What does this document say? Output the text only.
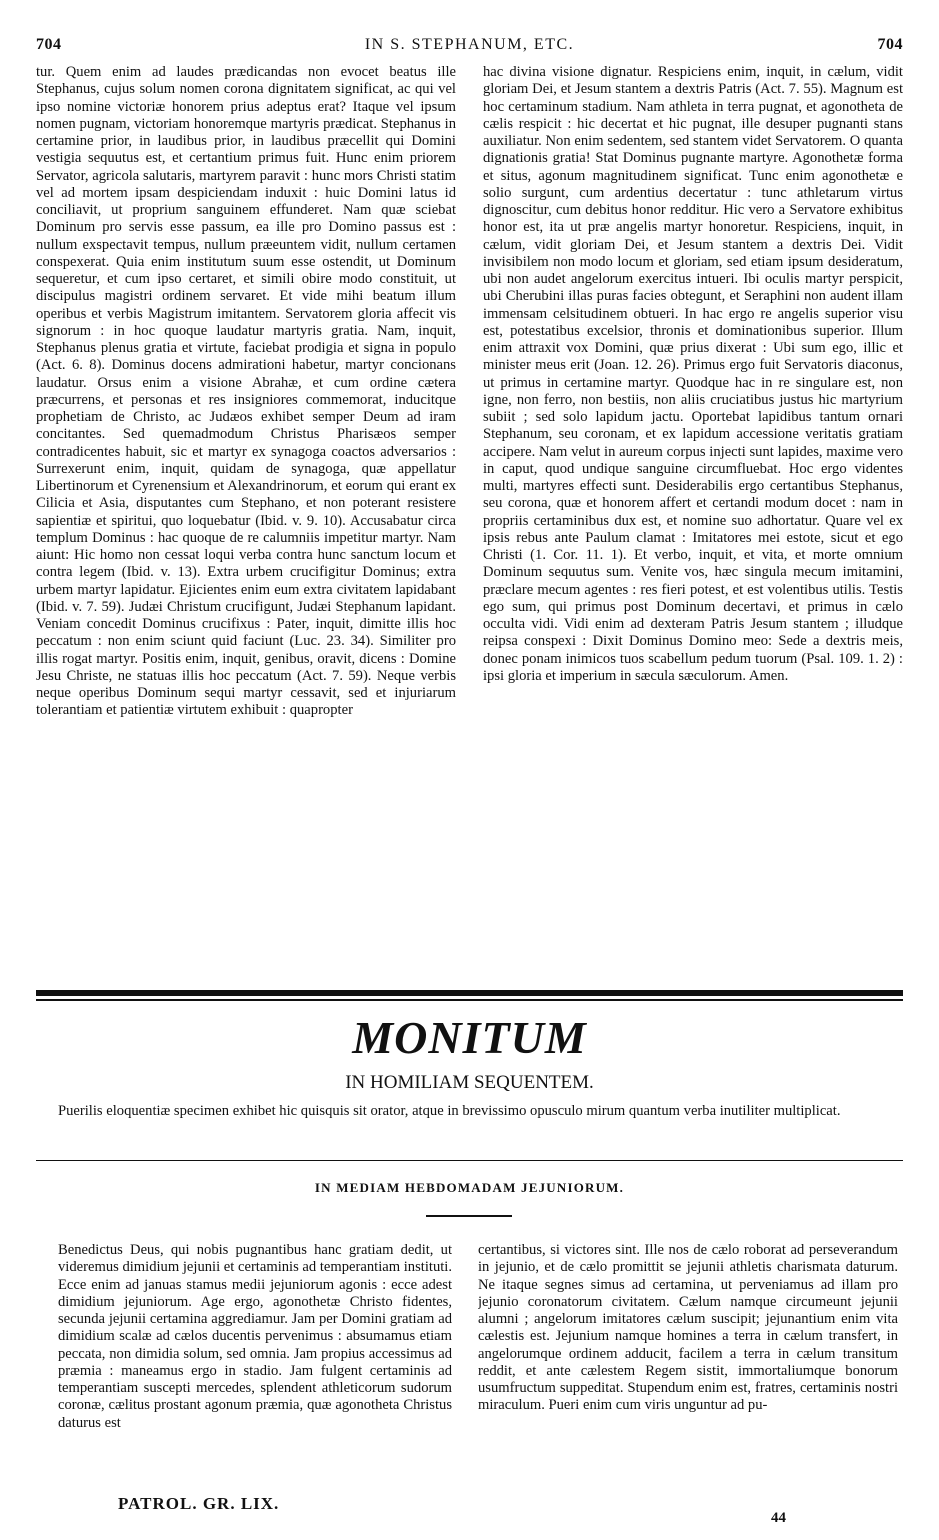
704	IN S. STEPHANUM, ETC.	704

tur. Quem enim ad laudes prædicandas non evocet beatus ille Stephanus, cujus solum nomen corona dignitatem significat, ac qui vel ipso nomine victoriæ honorem prius adeptus erat? Itaque vel ipsum nomen pugnam, victoriam honoremque martyris prædicat. Stephanus in certamine prior, in laudibus prior, in laudibus præcellit qui Domini vestigia sequutus est, et certantium primus fuit. Hunc enim priorem Servator, agricola salutaris, martyrem paravit : hunc mors Christi statim vel ad mortem ipsam despiciendam induxit : huic Domini latus id conciliavit, ut proprium sanguinem effunderet. Nam quæ sciebat Dominum pro servis esse passum, ea ille pro Domino passus est : nullum exspectavit tempus, nullum præeuntem vidit, nullum certamen conspexerat. Quia enim institutum suum esse ostendit, ut Dominum sequeretur, et cum ipso certaret, et simili obire modo constituit, ut discipulus magistri ordinem servaret. Et vide mihi beatum illum operibus et verbis Magistrum imitantem. Servatorem gloria affecit vis signorum : in hoc quoque laudatur martyris gratia. Nam, inquit, Stephanus plenus gratia et virtute, faciebat prodigia et signa in populo (Act. 6. 8). Dominus docens admirationi habetur, martyr concionans laudatur. Orsus enim a visione Abrahæ, et cum ordine cætera præcurrens, et personas et res insigniores commemorat, inducitque prophetiam de Christo, ac Judæos exhibet semper Deum ad iram concitantes. Sed quemadmodum Christus Pharisæos semper contradicentes habuit, sic et martyr ex synagoga coactos adversarios : Surrexerunt enim, inquit, quidam de synagoga, quæ appellatur Libertinorum et Cyrenensium et Alexandrinorum, et eorum qui erant ex Cilicia et Asia, disputantes cum Stephano, et non poterant resistere sapientiæ et spiritui, quo loquebatur (Ibid. v. 9. 10). Accusabatur circa templum Dominus : hac quoque de re calumniis impetitur martyr. Nam aiunt: Hic homo non cessat loqui verba contra hunc sanctum locum et contra legem (Ibid. v. 13). Extra urbem crucifigitur Dominus; extra urbem martyr lapidatur. Ejicientes enim eum extra civitatem lapidabant (Ibid. v. 7. 59). Judæi Christum crucifigunt, Judæi Stephanum lapidant. Veniam concedit Dominus crucifixus : Pater, inquit, dimitte illis hoc peccatum : non enim sciunt quid faciunt (Luc. 23. 34). Similiter pro illis rogat martyr. Positis enim, inquit, genibus, oravit, dicens : Domine Jesu Christe, ne statuas illis hoc peccatum (Act. 7. 59). Neque verbis neque operibus Dominum sequi martyr cessavit, sed et injuriarum tolerantiam et patientiæ virtutem exhibuit : quapropter

hac divina visione dignatur. Respiciens enim, inquit, in cælum, vidit gloriam Dei, et Jesum stantem a dextris Patris (Act. 7. 55). Magnum est hoc certaminum stadium. Nam athleta in terra pugnat, et agonotheta de cælis respicit : hic decertat et hic pugnat, ille desuper pugnanti stans auxiliatur. Non enim sedentem, sed stantem videt Servatorem. O quanta dignationis gratia! Stat Dominus pugnante martyre. Agonothetæ forma et situs, agonum magnitudinem significat. Tunc enim agonothetæ e solio surgunt, cum ardentius decertatur : tunc athletarum virtus dignoscitur, cum debitus honor redditur. Hic vero a Servatore exhibitus honor est, ita ut præ angelis martyr honoretur. Respiciens, inquit, in cælum, vidit gloriam Dei, et Jesum stantem a dextris Dei. Vidit invisibilem non modo locum et gloriam, sed etiam ipsum desideratum, ubi non audet angelorum exercitus intueri. Ibi oculis martyr perspicit, ubi Cherubini illas puras facies obtegunt, et Seraphini non audent illam immensam celsitudinem obtueri. In hac ergo re angelis superior visu est, potestatibus excelsior, thronis et dominationibus superior. Illum enim attraxit vox Domini, quæ prius dixerat : Ubi sum ego, illic et minister meus erit (Joan. 12. 26). Primus ergo fuit Servatoris diaconus, ut primus in certamine martyr. Quodque hac in re singulare est, non igne, non ferro, non bestiis, non aliis cruciatibus justus hic martyrium subiit ; sed solo lapidum jactu. Oportebat lapidibus tantum ornari Stephanum, seu coronam, et ex lapidum accessione veritatis gratiam accipere. Nam velut in aureum corpus injecti sunt lapides, maxime vero in caput, quod undique sanguine circumfluebat. Hoc ergo videntes multi, martyres effecti sunt. Desiderabilis ergo certantibus Stephanus, seu corona, quæ et honorem affert et certandi modum docet : nam in propriis certaminibus dux est, et nomine suo adhortatur. Quare vel ex ipsis rebus ante Paulum clamat : Imitatores mei estote, sicut et ego Christi (1. Cor. 11. 1). Et verbo, inquit, et vita, et morte omnium Dominum sequutus sum. Venite vos, hæc singula mecum imitamini, præclare mecum agentes : res fieri potest, et est volentibus utilis. Testis ego sum, qui primus post Dominum decertavi, et primus in cælo occulta vidi. Vidi enim ad dexteram Patris Jesum stantem ; illudque reipsa conspexi : Dixit Dominus Domino meo: Sede a dextris meis, donec ponam inimicos tuos scabellum pedum tuorum (Psal. 109. 1. 2) : ipsi gloria et imperium in sæcula sæculorum. Amen.

MONITUM
IN HOMILIAM SEQUENTEM.

Puerilis eloquentiæ specimen exhibet hic quisquis sit orator, atque in brevissimo opusculo mirum quantum verba inutiliter multiplicat.

IN MEDIAM HEBDOMADAM JEJUNIORUM.

Benedictus Deus, qui nobis pugnantibus hanc gratiam dedit, ut videremus dimidium jejunii et certaminis ad temperantiam instituti. Ecce enim ad januas stamus medii jejuniorum agonis : ecce adest dimidium jejuniorum. Age ergo, agonothetæ Christo fidentes, secunda jejunii certamina aggrediamur. Jam per Domini gratiam ad dimidium scalæ ad cælos ducentis pervenimus : absumamus etiam peccata, non dimidia solum, sed omnia. Jam propius accessimus ad præmia : maneamus ergo in stadio. Jam fulgent certaminis ad temperantiam suscepti mercedes, splendent athleticorum sudorum coronæ, cælitus prostant agonum præmia, quæ agonotheta Christus daturus est

certantibus, si victores sint. Ille nos de cælo roborat ad perseverandum in jejunio, et de cælo promittit se jejunii athletis charismata daturum. Ne itaque segnes simus ad certamina, ut perveniamus ad illam pro jejunio coronatorum civitatem. Cælum namque circumeunt jejunii alumni ; angelorum imitatores cælum suscipit; jejunantium enim vita cælestis est. Jejunium namque homines a terra in cælum transfert, in angelorumque ordinem adducit, facilem a terra in cælum transitum reddit, et ante cælestem Regem sistit, immortaliumque bonorum usumfructum suppeditat. Stupendum enim est, fratres, certaminis nostri miraculum. Pueri enim cum viris unguntur ad pu-

PATROL. GR. LIX.
44
